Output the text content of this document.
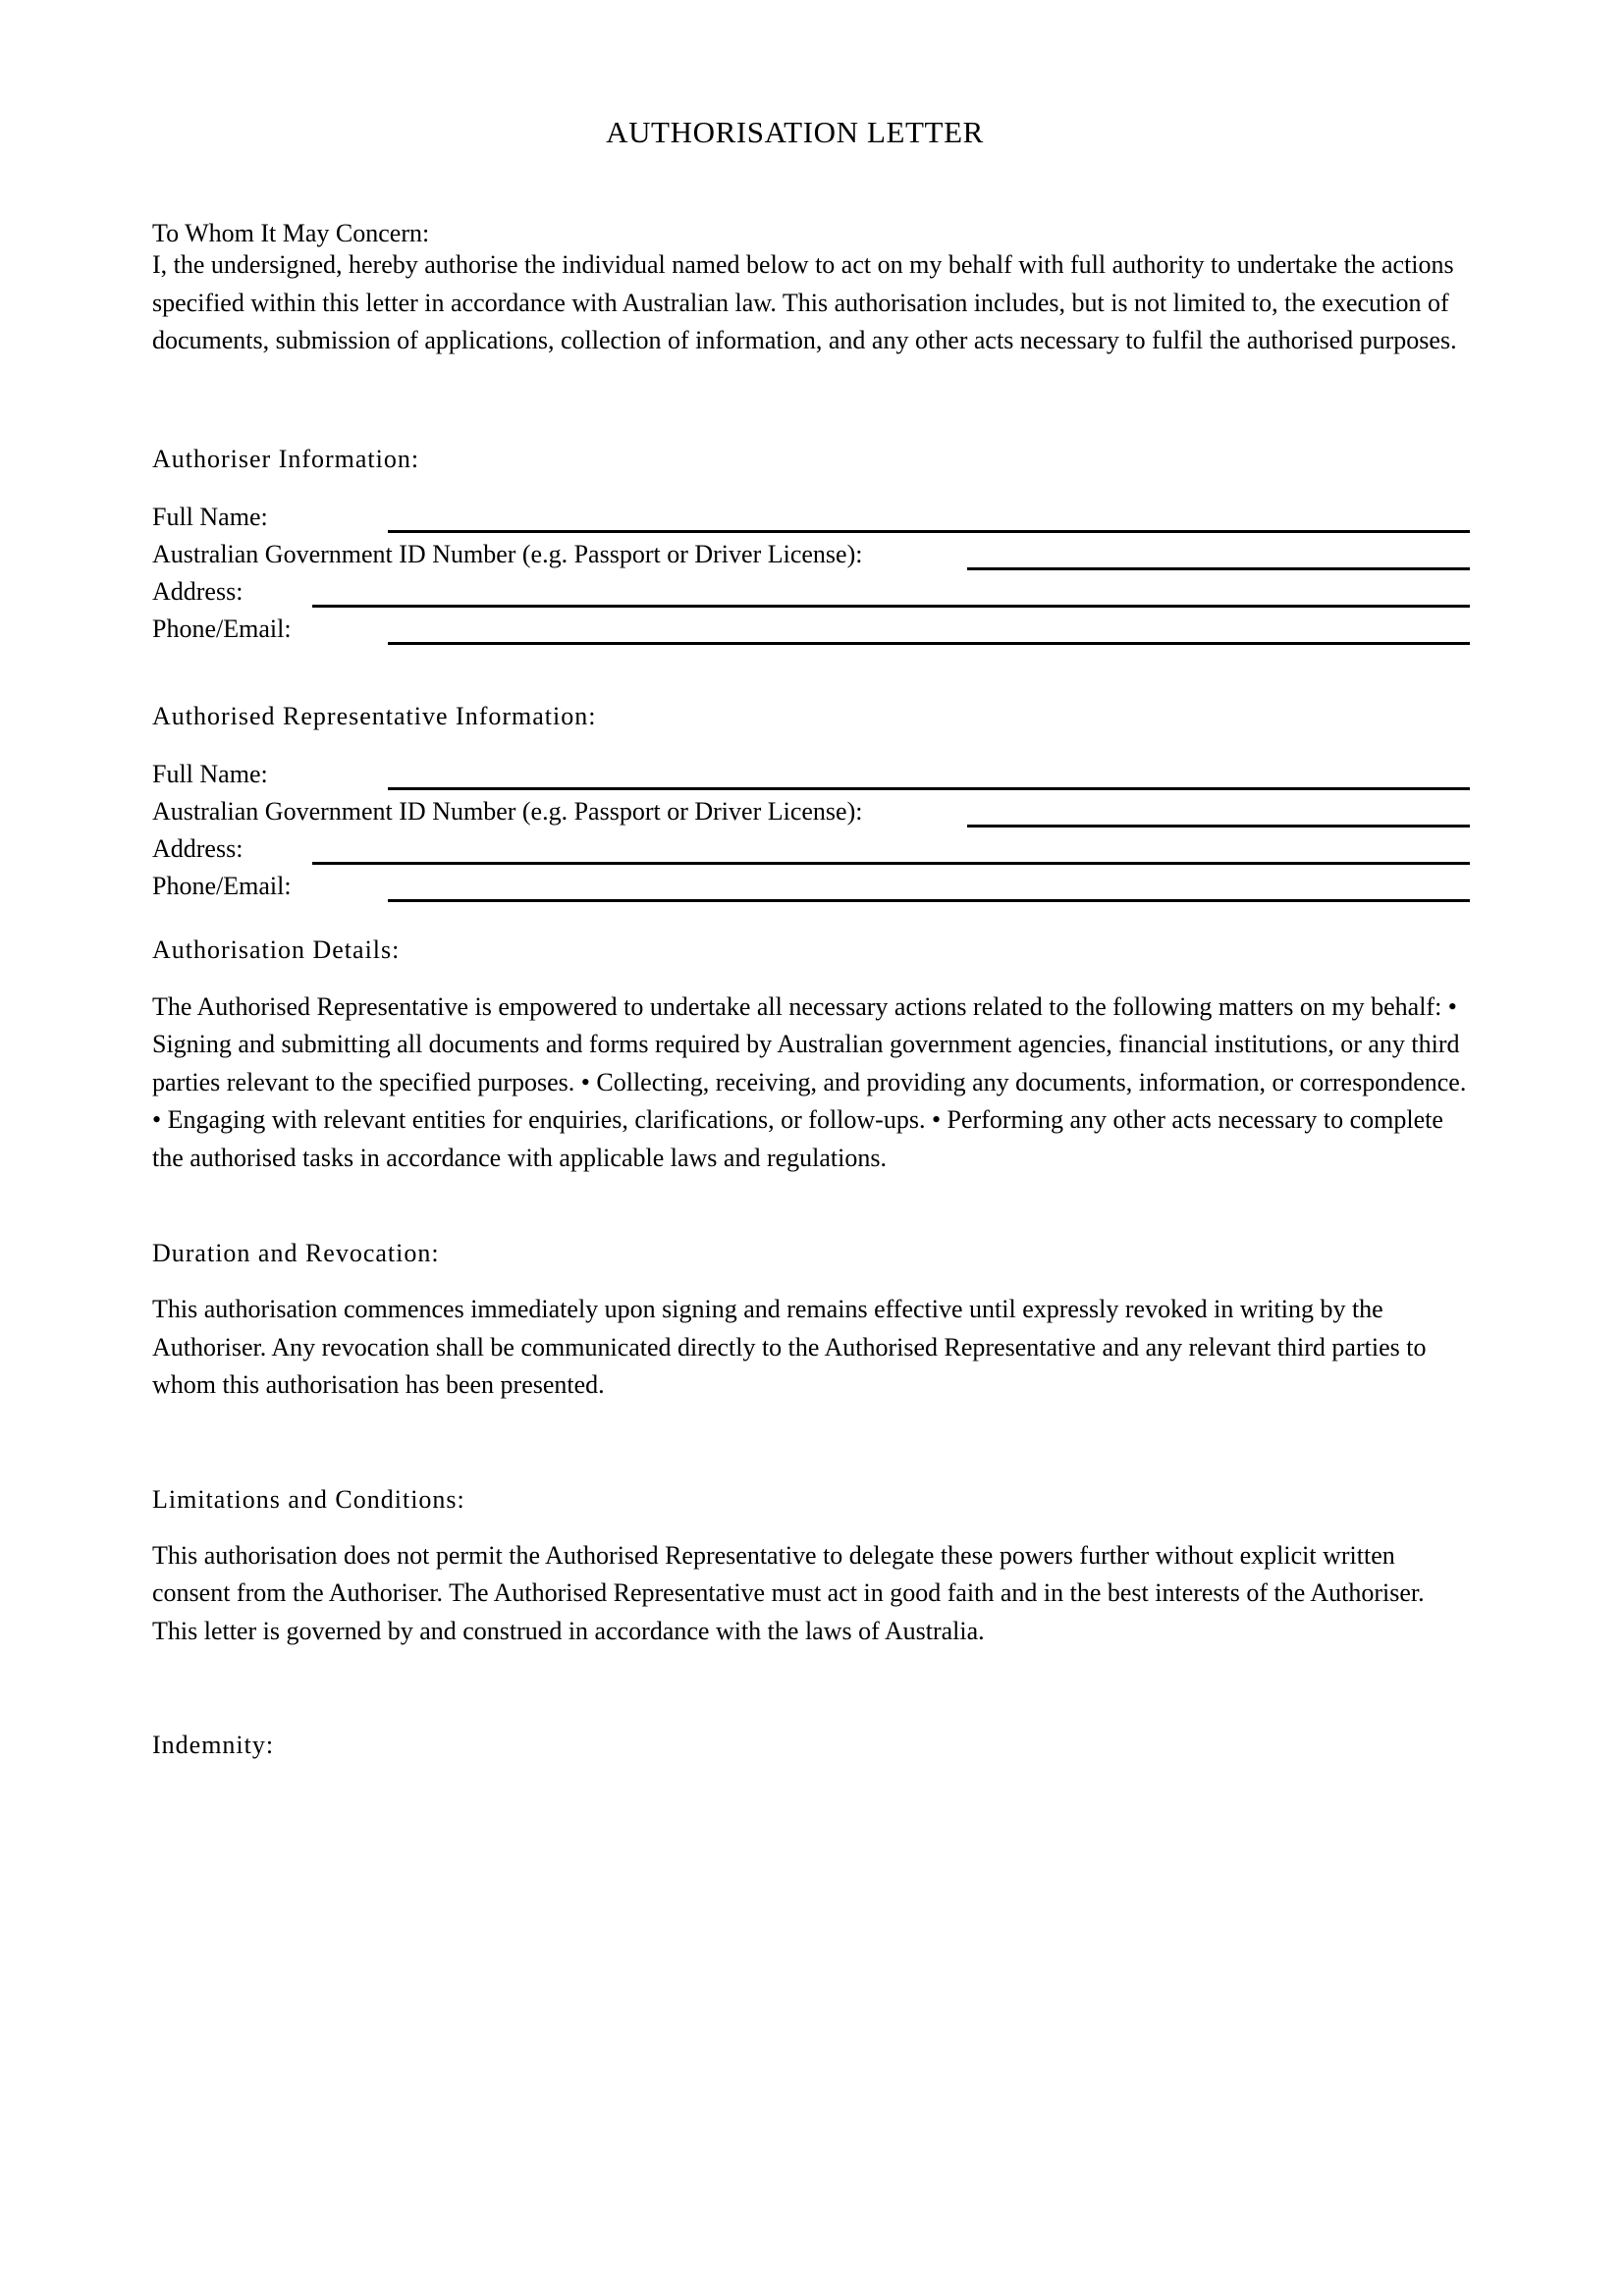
AUTHORISATION LETTER
To Whom It May Concern:

I, the undersigned, hereby authorise the individual named below to act on my behalf with full authority to undertake the actions specified within this letter in accordance with Australian law. This authorisation includes, but is not limited to, the execution of documents, submission of applications, collection of information, and any other acts necessary to fulfil the authorised purposes.

Authoriser Information:
Full Name:
Australian Government ID Number (e.g. Passport or Driver License):
Address:
Phone/Email:
Authorised Representative Information:
Full Name:
Australian Government ID Number (e.g. Passport or Driver License):
Address:
Phone/Email:
Authorisation Details:

The Authorised Representative is empowered to undertake all necessary actions related to the following matters on my behalf: • Signing and submitting all documents and forms required by Australian government agencies, financial institutions, or any third parties relevant to the specified purposes. • Collecting, receiving, and providing any documents, information, or correspondence. • Engaging with relevant entities for enquiries, clarifications, or follow-ups. • Performing any other acts necessary to complete the authorised tasks in accordance with applicable laws and regulations.

Duration and Revocation:

This authorisation commences immediately upon signing and remains effective until expressly revoked in writing by the Authoriser. Any revocation shall be communicated directly to the Authorised Representative and any relevant third parties to whom this authorisation has been presented.

Limitations and Conditions:

This authorisation does not permit the Authorised Representative to delegate these powers further without explicit written consent from the Authoriser. The Authorised Representative must act in good faith and in the best interests of the Authoriser. This letter is governed by and construed in accordance with the laws of Australia.

Indemnity:
